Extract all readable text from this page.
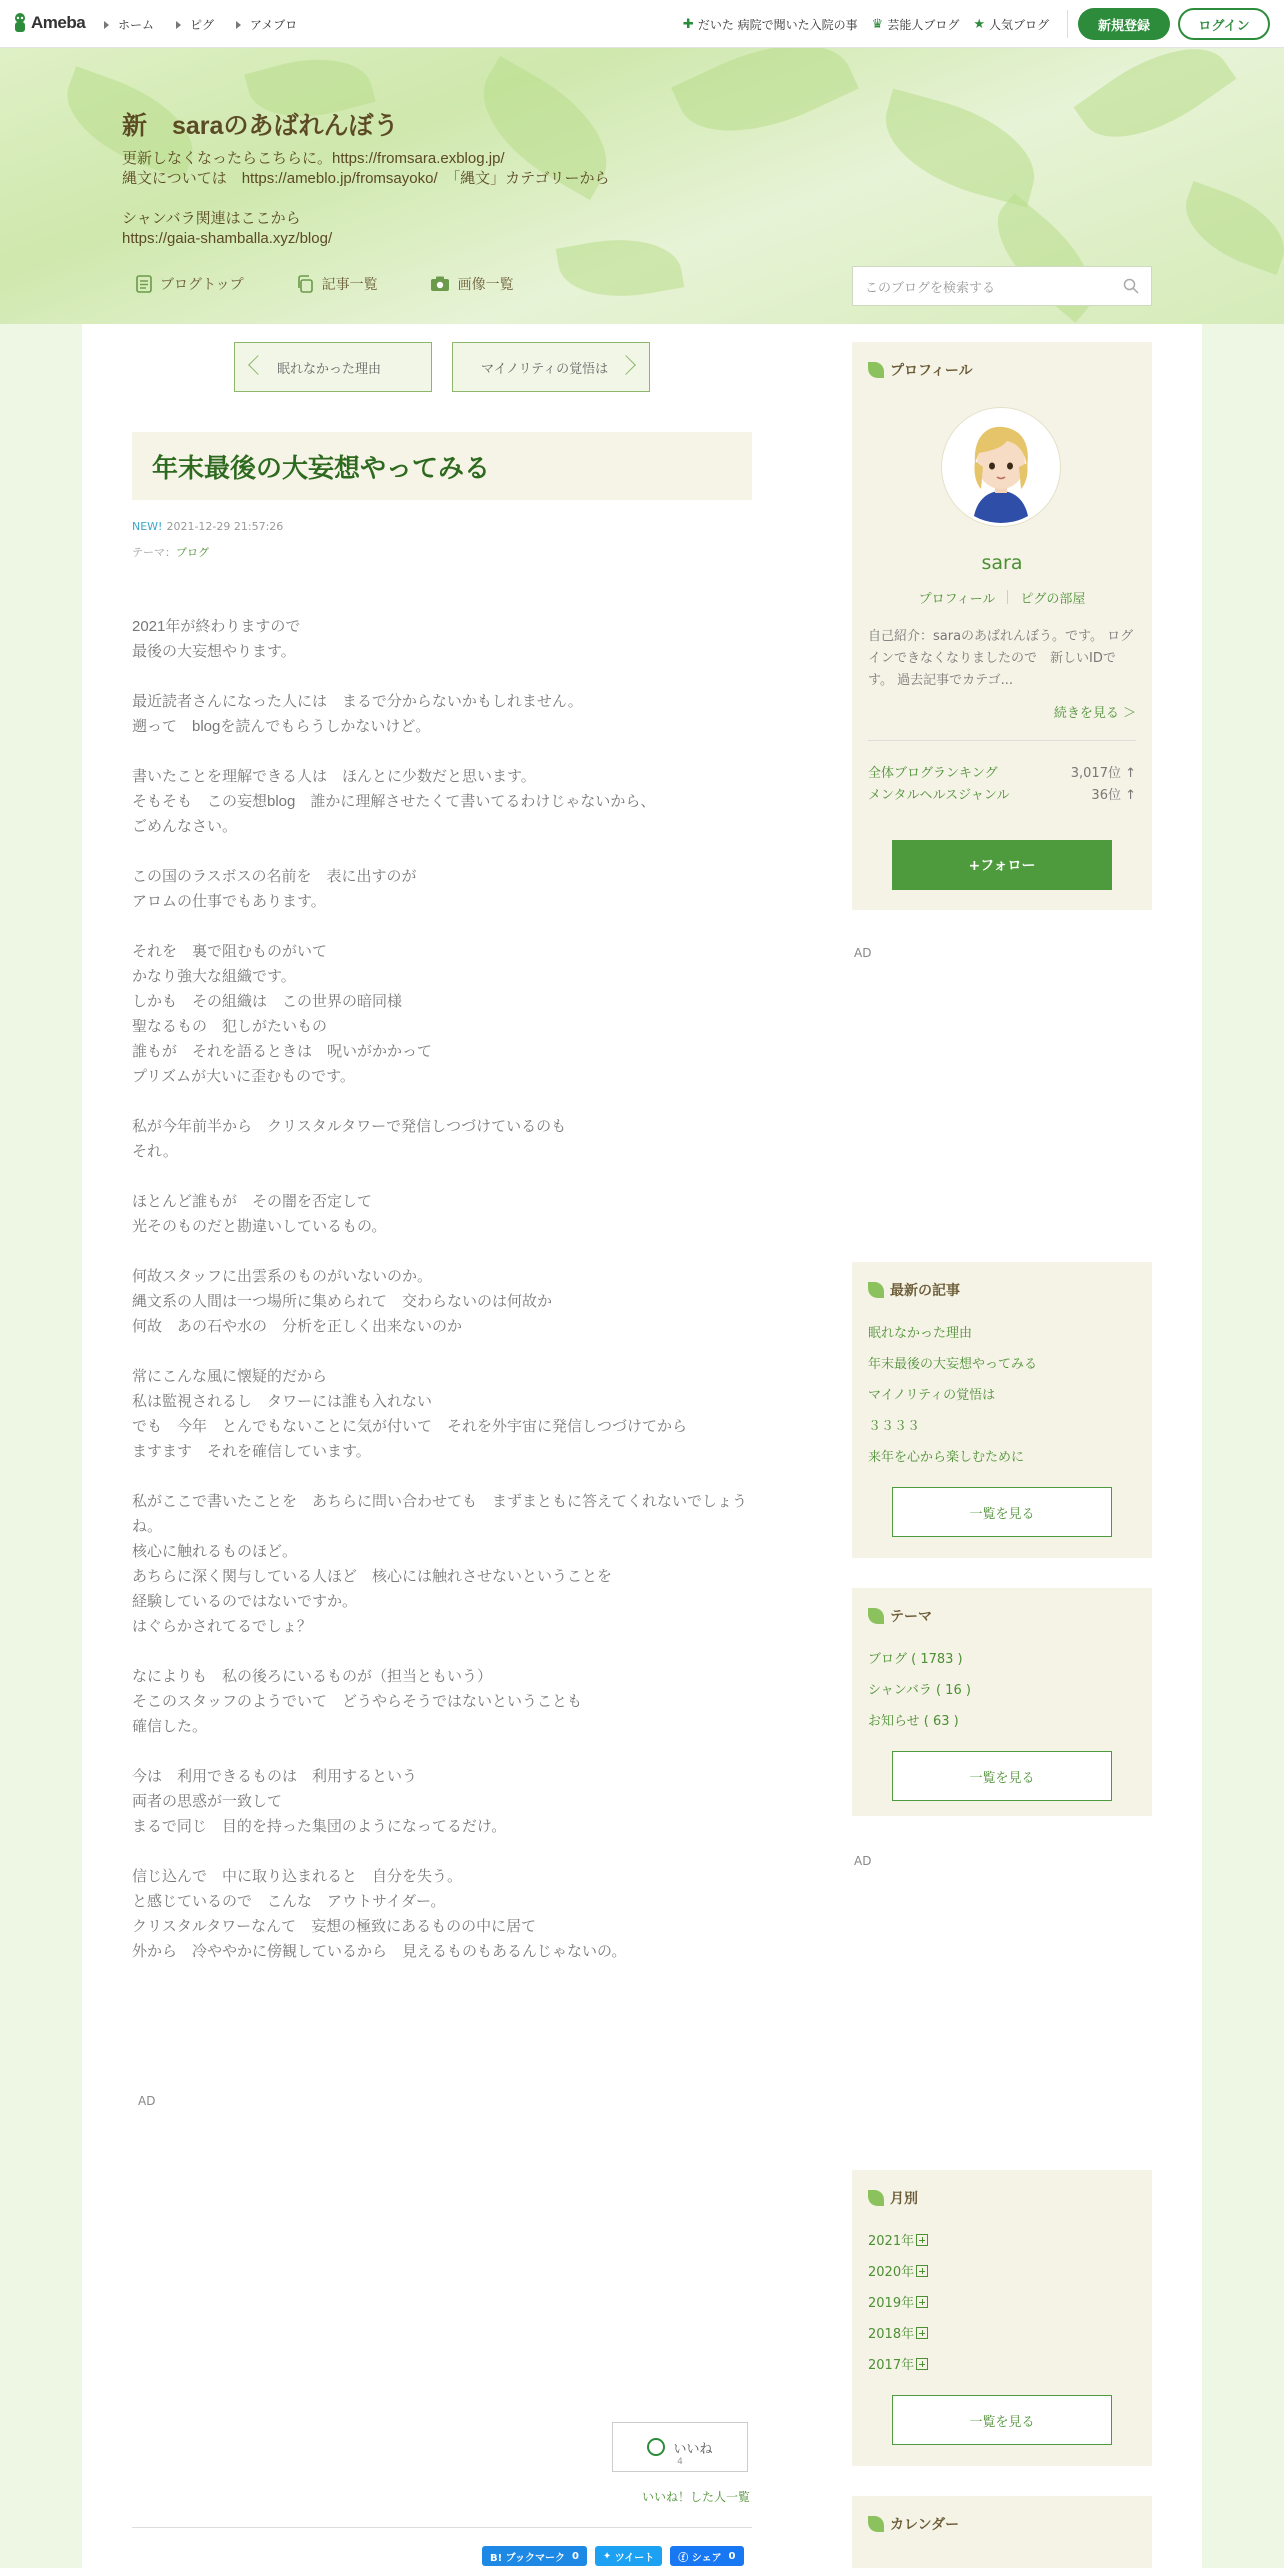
Ameba	ホーム	ピグ	アメブロ	✚ だいた 病院で聞いた入院の事 ♛ 芸能人ブログ ★ 人気ブログ	新規登録	ログイン
新　saraのあばれんぼう
更新しなくなったらこちらに。https://fromsara.exblog.jp/
縄文については　https://ameblo.jp/fromsayoko/　「縄文」カテゴリーから

シャンバラ関連はここから
https://gaia-shamballa.xyz/blog/
ブログトップ	記事一覧	画像一覧	このブログを検索する
眠れなかった理由	マイノリティの覚悟は
年末最後の大妄想やってみる
NEW! 2021-12-29 21:57:26
テーマ：ブログ
2021年が終わりますので
最後の大妄想やります。
最近読者さんになった人には　まるで分からないかもしれません。
遡って　blogを読んでもらうしかないけど。
書いたことを理解できる人は　ほんとに少数だと思います。
そもそも　この妄想blog　誰かに理解させたくて書いてるわけじゃないから、
ごめんなさい。
この国のラスボスの名前を　表に出すのが
アロムの仕事でもあります。
それを　裏で阻むものがいて
かなり強大な組織です。
しかも　その組織は　この世界の暗同様
聖なるもの　犯しがたいもの
誰もが　それを語るときは　呪いがかかって
プリズムが大いに歪むものです。
私が今年前半から　クリスタルタワーで発信しつづけているのも
それ。
ほとんど誰もが　その闇を否定して
光そのものだと勘違いしているもの。
何故スタッフに出雲系のものがいないのか。
縄文系の人間は一つ場所に集められて　交わらないのは何故か
何故　あの石や水の　分析を正しく出来ないのか
常にこんな風に懐疑的だから
私は監視されるし　タワーには誰も入れない
でも　今年　とんでもないことに気が付いて　それを外宇宙に発信しつづけてから
ますます　それを確信しています。
私がここで書いたことを　あちらに問い合わせても　まずまともに答えてくれないでしょうね。
核心に触れるものほど。
あちらに深く関与している人ほど　核心には触れさせないということを
経験しているのではないですか。
はぐらかされてるでしょ？
なによりも　私の後ろにいるものが（担当ともいう）
そこのスタッフのようでいて　どうやらそうではないということも
確信した。
今は　利用できるものは　利用するという
両者の思惑が一致して
まるで同じ　目的を持った集団のようになってるだけ。
信じ込んで　中に取り込まれると　自分を失う。
と感じているので　こんな　アウトサイダー。
クリスタルタワーなんて　妄想の極致にあるものの中に居て
外から　冷ややかに傍観しているから　見えるものもあるんじゃないの。
AD
いいね
4
いいね！した人一覧
B! ブックマーク
0 ✦ ツイート ⓕ シェア
0
プロフィール
sara
プロフィール ピグの部屋
自己紹介：saraのあばれんぼう。です。 ログインできなくなりましたので　新しいIDです。 過去記事でカテゴ...
続きを見る ＞
全体ブログランキング	3,017位 ↑
メンタルヘルスジャンル	36位 ↑
+フォロー
AD
最新の記事
眠れなかった理由
年末最後の大妄想やってみる
マイノリティの覚悟は
３３３３
来年を心から楽しむために
一覧を見る
テーマ
ブログ ( 1783 )
シャンバラ ( 16 )
お知らせ ( 63 )
一覧を見る
AD
月別
2021年
2020年
2019年
2018年
2017年
一覧を見る
カレンダー
